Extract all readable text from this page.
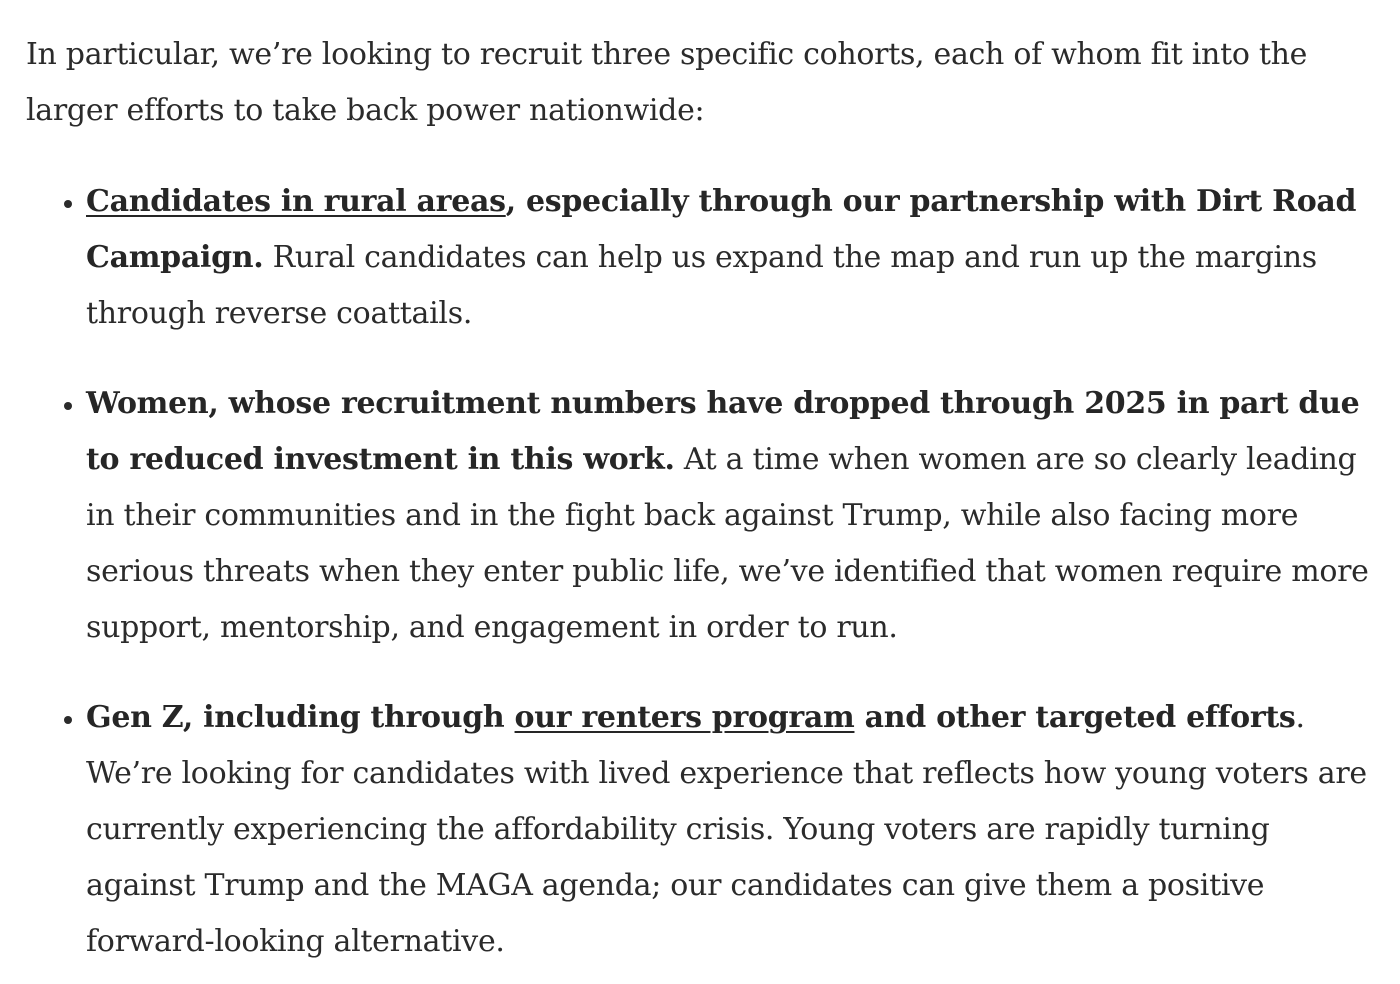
In particular, we’re looking to recruit three specific cohorts, each of whom fit into the larger efforts to take back power nationwide:

• Candidates in rural areas, especially through our partnership with Dirt Road Campaign. Rural candidates can help us expand the map and run up the margins through reverse coattails.
• Women, whose recruitment numbers have dropped through 2025 in part due to reduced investment in this work. At a time when women are so clearly leading in their communities and in the fight back against Trump, while also facing more serious threats when they enter public life, we’ve identified that women require more support, mentorship, and engagement in order to run.
• Gen Z, including through our renters program and other targeted efforts. We’re looking for candidates with lived experience that reflects how young voters are currently experiencing the affordability crisis. Young voters are rapidly turning against Trump and the MAGA agenda; our candidates can give them a positive forward-looking alternative.
